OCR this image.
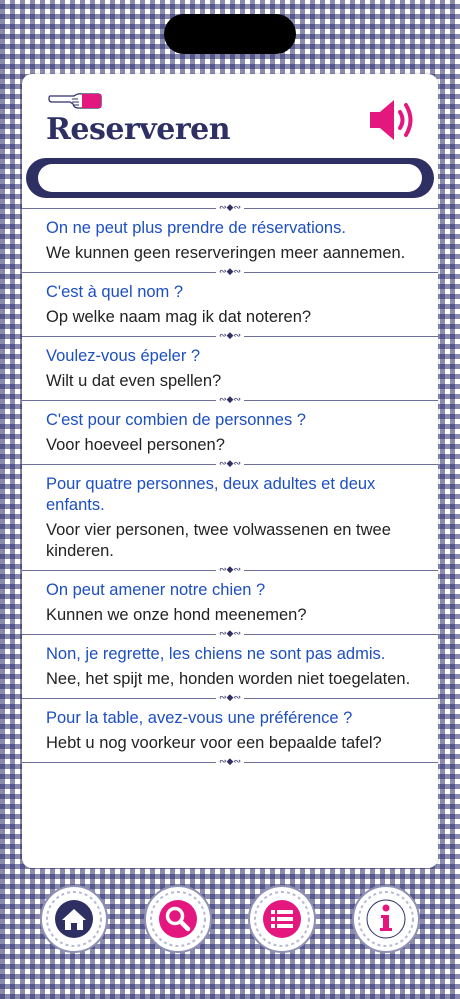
Reserveren
∾◆∾

On ne peut plus prendre de réservations.

We kunnen geen reserveringen meer aannemen.

∾◆∾

C'est à quel nom ?

Op welke naam mag ik dat noteren?

∾◆∾

Voulez-vous épeler ?

Wilt u dat even spellen?

∾◆∾

C'est pour combien de personnes ?

Voor hoeveel personen?

∾◆∾

Pour quatre personnes, deux adultes et deux enfants.

Voor vier personen, twee volwassenen en twee kinderen.

∾◆∾

On peut amener notre chien ?

Kunnen we onze hond meenemen?

∾◆∾

Non, je regrette, les chiens ne sont pas admis.

Nee, het spijt me, honden worden niet toegelaten.

∾◆∾

Pour la table, avez-vous une préférence ?

Hebt u nog voorkeur voor een bepaalde tafel?

∾◆∾
